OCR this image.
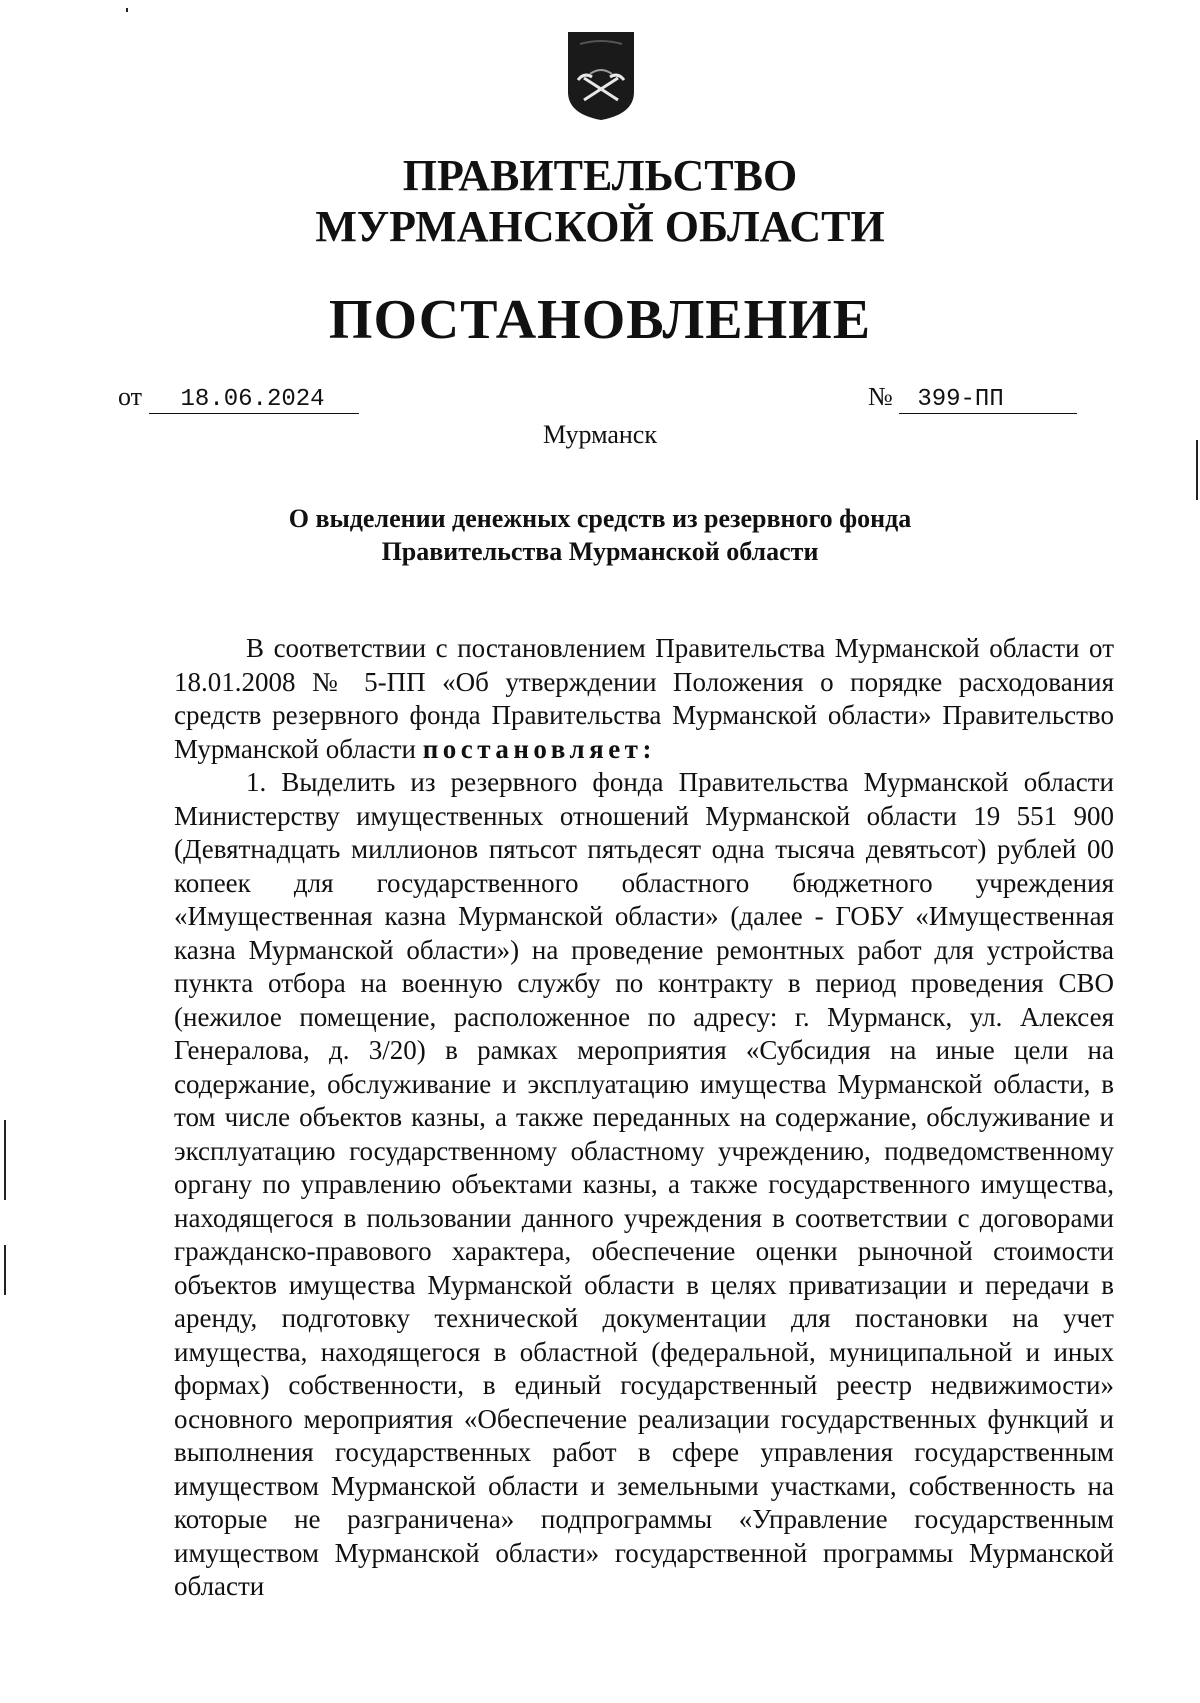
ПРАВИТЕЛЬСТВО
МУРМАНСКОЙ ОБЛАСТИ
ПОСТАНОВЛЕНИЕ
от 18.06.2024	№ 399-ПП
Мурманск
О выделении денежных средств из резервного фонда
Правительства Мурманской области

В соответствии с постановлением Правительства Мурманской области от 18.01.2008 № 5-ПП «Об утверждении Положения о порядке расходования средств резервного фонда Правительства Мурманской области» Правительство Мурманской области постановляет:

1. Выделить из резервного фонда Правительства Мурманской области Министерству имущественных отношений Мурманской области 19 551 900 (Девятнадцать миллионов пятьсот пятьдесят одна тысяча девятьсот) рублей 00 копеек для государственного областного бюджетного учреждения «Имущественная казна Мурманской области» (далее - ГОБУ «Имущественная казна Мурманской области») на проведение ремонтных работ для устройства пункта отбора на военную службу по контракту в период проведения СВО (нежилое помещение, расположенное по адресу: г. Мурманск, ул. Алексея Генералова, д. 3/20) в рамках мероприятия «Субсидия на иные цели на содержание, обслуживание и эксплуатацию имущества Мурманской области, в том числе объектов казны, а также переданных на содержание, обслуживание и эксплуатацию государственному областному учреждению, подведомственному органу по управлению объектами казны, а также государственного имущества, находящегося в пользовании данного учреждения в соответствии с договорами гражданско-правового характера, обеспечение оценки рыночной стоимости объектов имущества Мурманской области в целях приватизации и передачи в аренду, подготовку технической документации для постановки на учет имущества, находящегося в областной (федеральной, муниципальной и иных формах) собственности, в единый государственный реестр недвижимости» основного мероприятия «Обеспечение реализации государственных функций и выполнения государственных работ в сфере управления государственным имуществом Мурманской области и земельными участками, собственность на которые не разграничена» подпрограммы «Управление государственным имуществом Мурманской области» государственной программы Мурманской области
